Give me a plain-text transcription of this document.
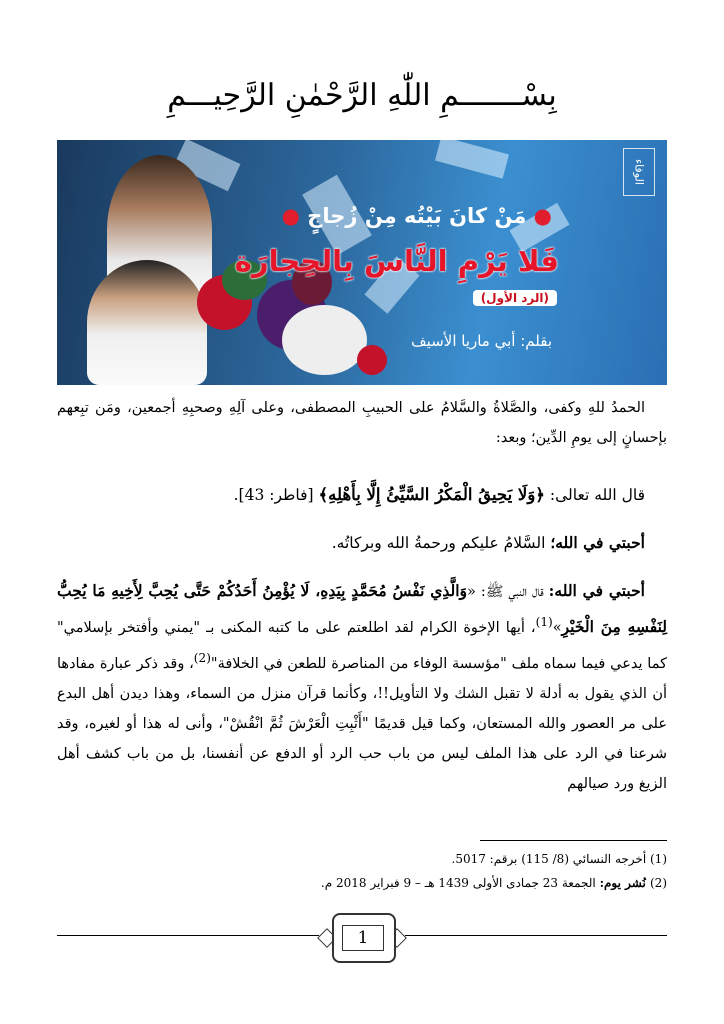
بِسْـــــــمِ اللّٰهِ الرَّحْمٰنِ الرَّحِيـــمِ
الوفاء
● مَنْ كانَ بَيْتُه مِنْ زُجاجٍ ●
فَلا يَرْمِ النَّاسَ بِالحِجارَة
(الرد الأول)
بقلم: أبي ماريا الأسيف
الحمدُ للهِ وكفى، والصَّلاةُ والسَّلامُ على الحبيبِ المصطفى، وعلى آلِهِ وصحبِهِ أجمعين، ومَن تبِعهم بإحسانٍ إلى يومِ الدِّين؛ وبعد:
قال الله تعالى: ﴿وَلَا يَحِيقُ الْمَكْرُ السَّيِّئُ إِلَّا بِأَهْلِهِ﴾ [فاطر: 43].
أحبتي في الله؛ السَّلامُ عليكم ورحمةُ الله وبركاتُه.
أحبتي في الله: قال النبي ﷺ: «وَالَّذِي نَفْسُ مُحَمَّدٍ بِيَدِهِ، لَا يُؤْمِنُ أَحَدُكُمْ حَتَّى يُحِبَّ لِأَخِيهِ مَا يُحِبُّ لِنَفْسِهِ مِنَ الْخَيْرِ»$^{(1)}$، أيها الإخوة الكرام لقد اطلعتم على ما كتبه المكنى بـ "يمني وأفتخر بإسلامي" كما يدعي فيما سماه ملف "مؤسسة الوفاء من المناصرة للطعن في الخلافة"$^{(2)}$، وقد ذكر عبارة مفادها أن الذي يقول به أدلة لا تقبل الشك ولا التأويل!!، وكأنما قرآن منزل من السماء، وهذا ديدن أهل البدع على مر العصور والله المستعان، وكما قيل قديمًا "أَثْبِتِ الْعَرْشَ ثُمَّ انْقُشْ"، وأنى له هذا أو لغيره، وقد شرعنا في الرد على هذا الملف ليس من باب حب الرد أو الدفع عن أنفسنا، بل من باب كشف أهل الزيغ ورد صيالهم
(1) أخرجه النسائي (8/ 115) برقم: 5017.
(2) نُشر يوم: الجمعة 23 جمادى الأولى 1439 هـ – 9 فبراير 2018 م.
1
